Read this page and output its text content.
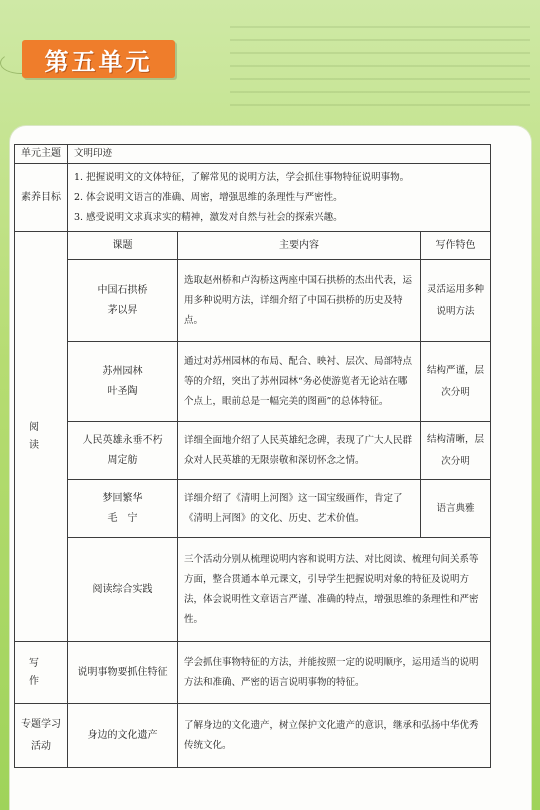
第五单元
单元主题	文明印迹		
素养目标	1. 把握说明文的文体特征，了解常见的说明方法，学会抓住事物特征说明事物。
2. 体会说明文语言的准确、周密，增强思维的条理性与严密性。
3. 感受说明文求真求实的精神，激发对自然与社会的探索兴趣。		

阅 读	课题	主要内容	写作特色

	中国石拱桥
茅以昇	选取赵州桥和卢沟桥这两座中国石拱桥的杰出代表，运用多种说明方法，详细介绍了中国石拱桥的历史及特点。	灵活运用多种说明方法

	苏州园林
叶圣陶	通过对苏州园林的布局、配合、映衬、层次、局部特点等的介绍，突出了苏州园林“务必使游览者无论站在哪个点上，眼前总是一幅完美的图画”的总体特征。	结构严谨，层次分明

	人民英雄永垂不朽
周定舫	详细全面地介绍了人民英雄纪念碑，表现了广大人民群众对人民英雄的无限崇敬和深切怀念之情。	结构清晰，层次分明

	梦回繁华
毛　宁	详细介绍了《清明上河图》这一国宝级画作，肯定了《清明上河图》的文化、历史、艺术价值。	语言典雅
	阅读综合实践	三个活动分别从梳理说明内容和说明方法、对比阅读、梳理句间关系等方面，整合贯通本单元课文，引导学生把握说明对象的特征及说明方法，体会说明性文章语言严谨、准确的特点，增强思维的条理性和严密性。	
写 作	说明事物要抓住特征	学会抓住事物特征的方法，并能按照一定的说明顺序，运用适当的说明方法和准确、严密的语言说明事物的特征。	

专题学习
活动	身边的文化遗产	了解身边的文化遗产，树立保护文化遗产的意识，继承和弘扬中华优秀传统文化。	
